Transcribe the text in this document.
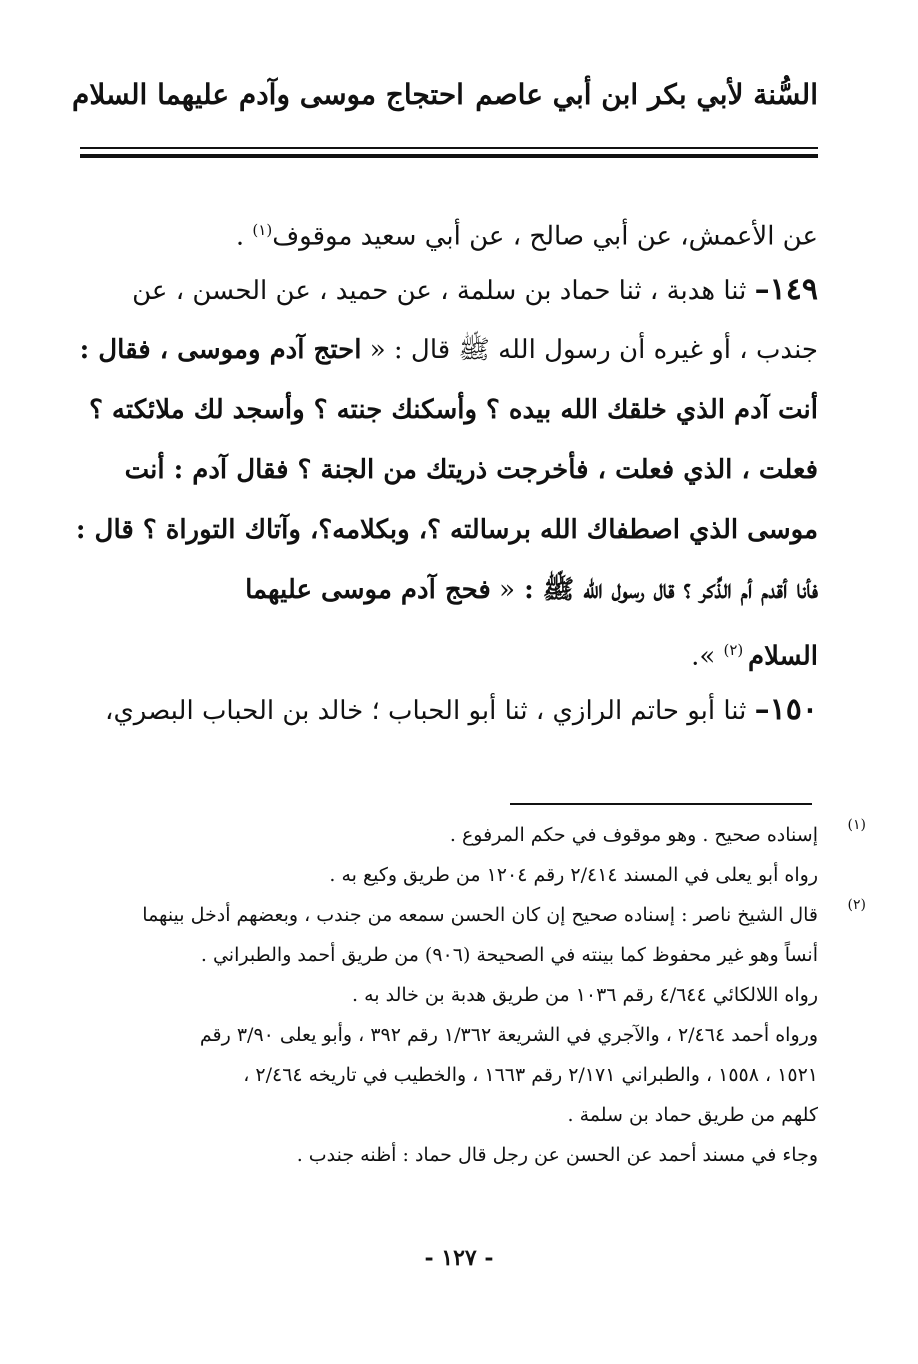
السُّنة لأبي بكر ابن أبي عاصم
احتجاج موسى وآدم عليهما السلام
عن الأعمش، عن أبي صالح ، عن أبي سعيد موقوف$^{(١)}$ .
١٤٩– ثنا هدبة ، ثنا حماد بن سلمة ، عن حميد ، عن الحسن ، عن
جندب ، أو غيره أن رسول الله ﷺ قال : « احتج آدم وموسى ، فقال :
أنت آدم الذي خلقك الله بيده ؟ وأسكنك جنته ؟ وأسجد لك ملائكته ؟
فعلت ، الذي فعلت ، فأخرجت ذريتك من الجنة ؟ فقال آدم : أنت
موسى الذي اصطفاك الله برسالته ؟، وبكلامه؟، وآتاك التوراة ؟ قال :
فأنا أقدم أم الذِّكر ؟ قال رسول الله ﷺ : « فحج آدم موسى عليهما
السلام $^{(٢)}$ ».
١٥٠– ثنا أبو حاتم الرازي ، ثنا أبو الحباب ؛ خالد بن الحباب البصري،
(١)
إسناده صحيح . وهو موقوف في حكم المرفوع .
رواه أبو يعلى في المسند ٢/٤١٤ رقم ١٢٠٤ من طريق وكيع به .
(٢)
قال الشيخ ناصر : إسناده صحيح إن كان الحسن سمعه من جندب ، وبعضهم أدخل بينهما
أنساً وهو غير محفوظ كما بينته في الصحيحة (٩٠٦) من طريق أحمد والطبراني .
رواه اللالكائي ٤/٦٤٤ رقم ١٠٣٦ من طريق هدبة بن خالد به .
ورواه أحمد ٢/٤٦٤ ، والآجري في الشريعة ١/٣٦٢ رقم ٣٩٢ ، وأبو يعلى ٣/٩٠ رقم
١٥٢١ ، ١٥٥٨ ، والطبراني ٢/١٧١ رقم ١٦٦٣ ، والخطيب في تاريخه ٢/٤٦٤ ،
كلهم من طريق حماد بن سلمة .
وجاء في مسند أحمد عن الحسن عن رجل قال حماد : أظنه جندب .
- ١٢٧ -
